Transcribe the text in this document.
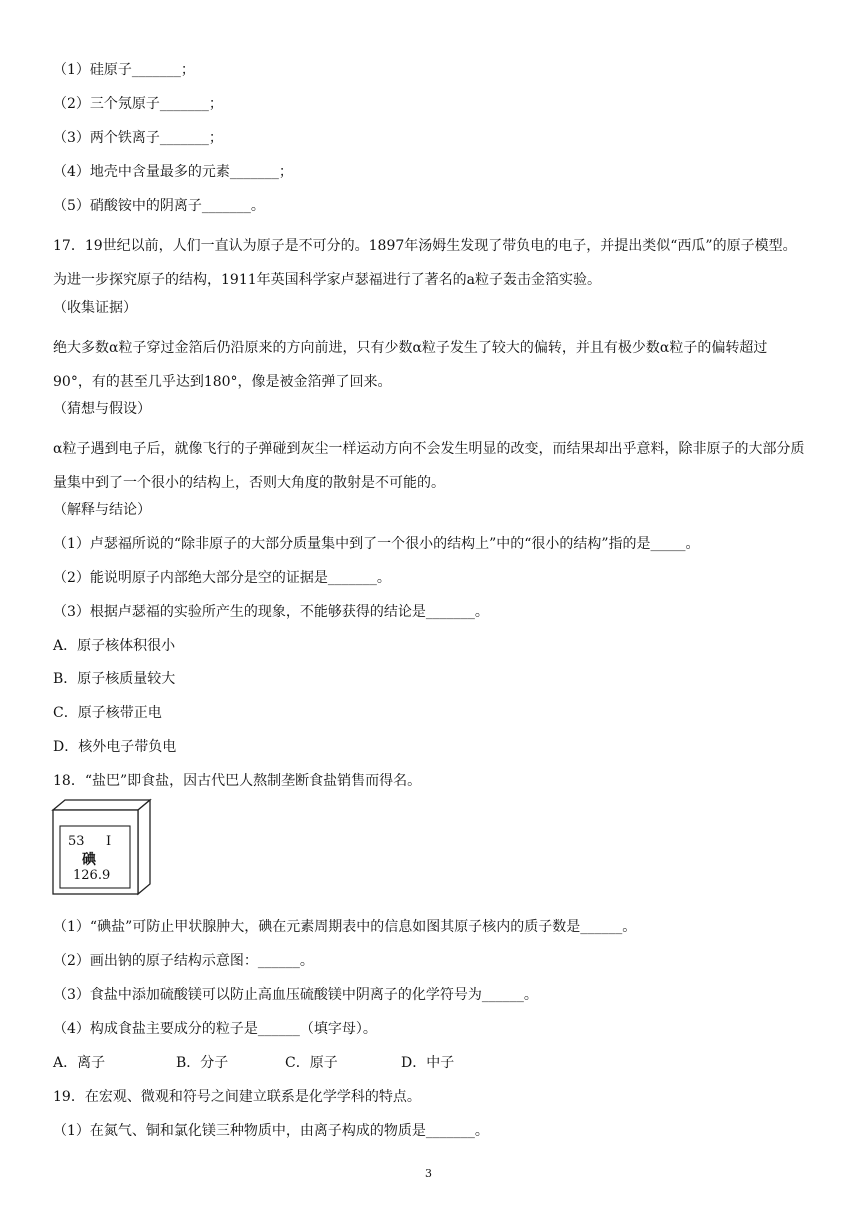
（1）硅原子_______；
（2）三个氖原子_______；
（3）两个铁离子_______；
（4）地壳中含量最多的元素_______；
（5）硝酸铵中的阴离子_______。
17．19世纪以前，人们一直认为原子是不可分的。1897年汤姆生发现了带负电的电子，并提出类似“西瓜”的原子模型。为进一步探究原子的结构，1911年英国科学家卢瑟福进行了著名的a粒子轰击金箔实验。
（收集证据）
绝大多数α粒子穿过金箔后仍沿原来的方向前进，只有少数α粒子发生了较大的偏转，并且有极少数α粒子的偏转超过90°，有的甚至几乎达到180°，像是被金箔弹了回来。
（猜想与假设）
α粒子遇到电子后，就像飞行的子弹碰到灰尘一样运动方向不会发生明显的改变，而结果却出乎意料，除非原子的大部分质量集中到了一个很小的结构上，否则大角度的散射是不可能的。
（解释与结论）
（1）卢瑟福所说的“除非原子的大部分质量集中到了一个很小的结构上”中的“很小的结构”指的是_____。
（2）能说明原子内部绝大部分是空的证据是_______。
（3）根据卢瑟福的实验所产生的现象，不能够获得的结论是_______。
A．原子核体积很小
B．原子核质量较大
C．原子核带正电
D．核外电子带负电
18．“盐巴”即食盐，因古代巴人熬制垄断食盐销售而得名。
53 I
碘
126.9
（1）“碘盐”可防止甲状腺肿大，碘在元素周期表中的信息如图其原子核内的质子数是______。
（2）画出钠的原子结构示意图：______。
（3）食盐中添加硫酸镁可以防止高血压硫酸镁中阴离子的化学符号为______。
（4）构成食盐主要成分的粒子是______（填字母）。
A．离子	B．分子	C．原子	D．中子
19．在宏观、微观和符号之间建立联系是化学学科的特点。
（1）在氮气、铜和氯化镁三种物质中，由离子构成的物质是_______。
3
